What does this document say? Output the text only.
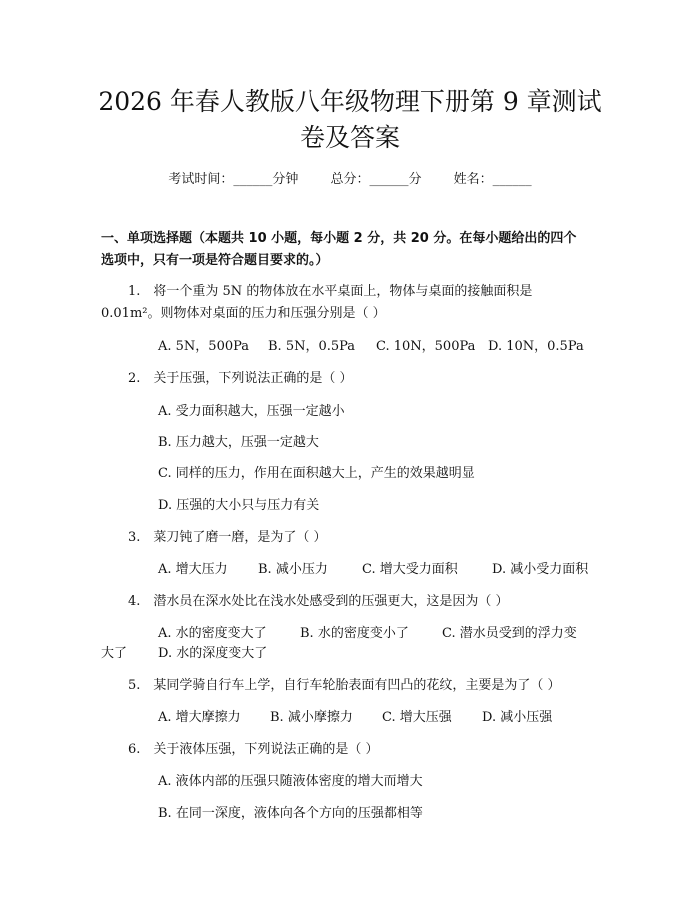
2026 年春人教版八年级物理下册第 9 章测试
卷及答案
考试时间：______分钟 总分：______分 姓名：______
一、单项选择题（本题共 10 小题，每小题 2 分，共 20 分。在每小题给出的四个
选项中，只有一项是符合题目要求的。）
1.　将一个重为 5N 的物体放在水平桌面上，物体与桌面的接触面积是
0.01m²。则物体对桌面的压力和压强分别是（ ）
A. 5N，500Pa B. 5N，0.5Pa C. 10N，500Pa D. 10N，0.5Pa
2.　关于压强，下列说法正确的是（ ）
A. 受力面积越大，压强一定越小
B. 压力越大，压强一定越大
C. 同样的压力，作用在面积越大上，产生的效果越明显
D. 压强的大小只与压力有关
3.　菜刀钝了磨一磨，是为了（ ）
A. 增大压力 B. 减小压力	C. 增大受力面积	D. 减小受力面积
4.　潜水员在深水处比在浅水处感受到的压强更大，这是因为（ ）
A. 水的密度变大了	B. 水的密度变小了	C. 潜水员受到的浮力变
大了 D. 水的深度变大了
5.　某同学骑自行车上学，自行车轮胎表面有凹凸的花纹，主要是为了（ ）
A. 增大摩擦力 B. 减小摩擦力 C. 增大压强 D. 减小压强
6.　关于液体压强，下列说法正确的是（ ）
A. 液体内部的压强只随液体密度的增大而增大
B. 在同一深度，液体向各个方向的压强都相等
